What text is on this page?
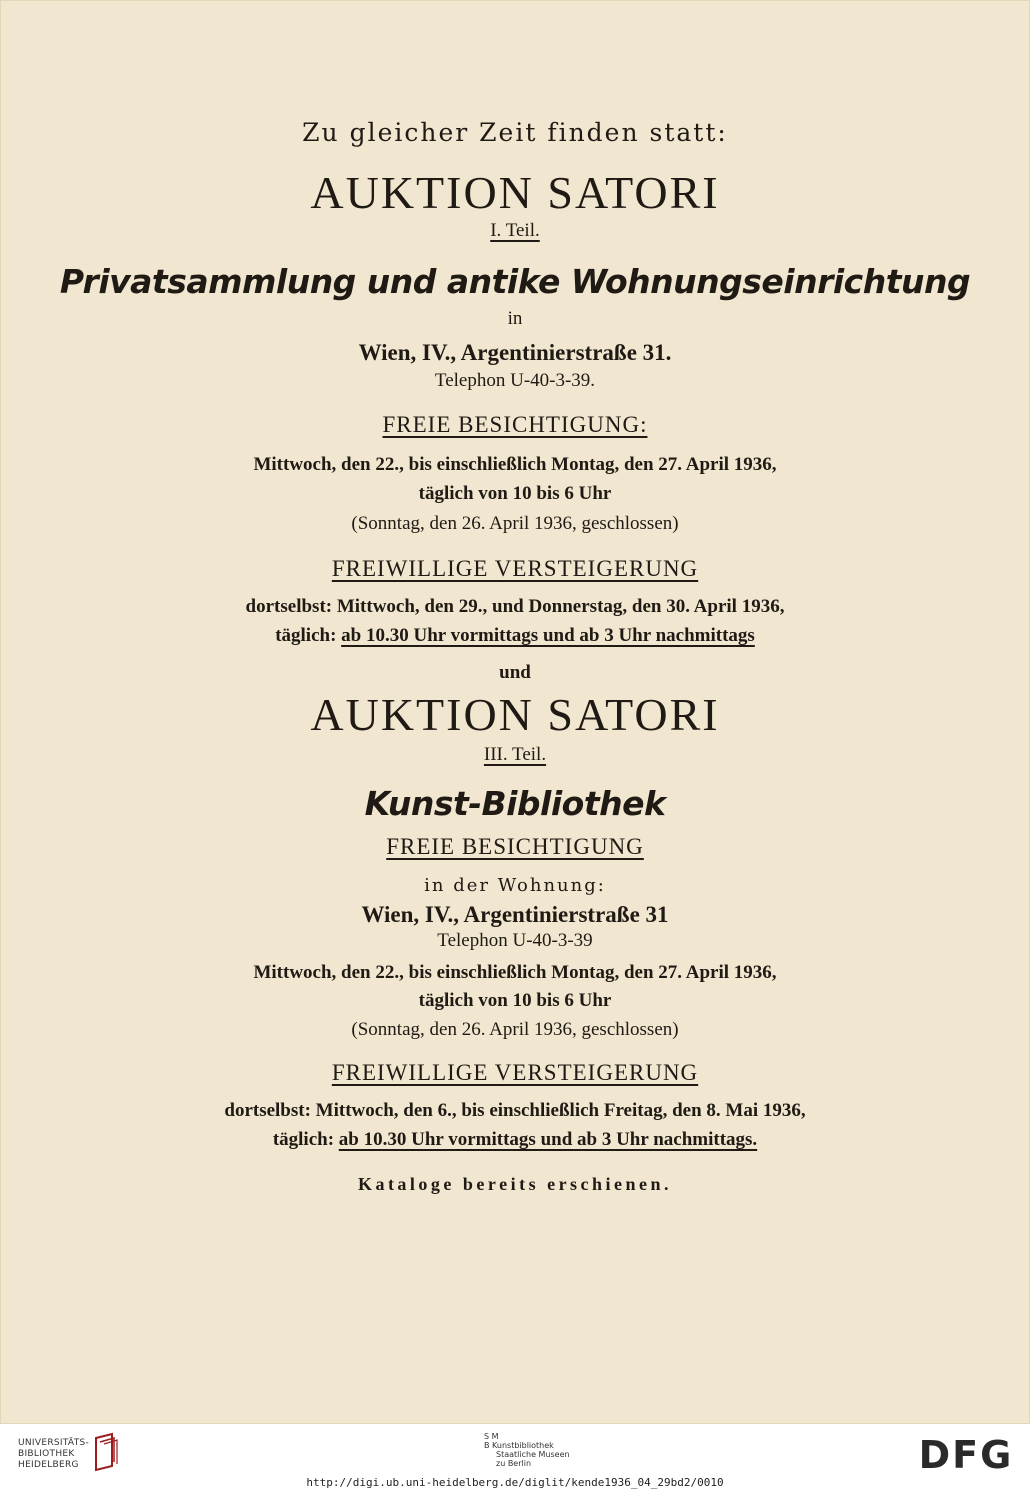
Zu gleicher Zeit finden statt:
AUKTION SATORI
I. Teil.
Privatsammlung und antike Wohnungseinrichtung
in
Wien, IV., Argentinierstraße 31.
Telephon U-40-3-39.
FREIE BESICHTIGUNG:
Mittwoch, den 22., bis einschließlich Montag, den 27. April 1936,
täglich von 10 bis 6 Uhr
(Sonntag, den 26. April 1936, geschlossen)
FREIWILLIGE VERSTEIGERUNG
dortselbst: Mittwoch, den 29., und Donnerstag, den 30. April 1936,
täglich: ab 10.30 Uhr vormittags und ab 3 Uhr nachmittags
und
AUKTION SATORI
III. Teil.
Kunst-Bibliothek
FREIE BESICHTIGUNG
in der Wohnung:
Wien, IV., Argentinierstraße 31
Telephon U-40-3-39
Mittwoch, den 22., bis einschließlich Montag, den 27. April 1936,
täglich von 10 bis 6 Uhr
(Sonntag, den 26. April 1936, geschlossen)
FREIWILLIGE VERSTEIGERUNG
dortselbst: Mittwoch, den 6., bis einschließlich Freitag, den 8. Mai 1936,
täglich: ab 10.30 Uhr vormittags und ab 3 Uhr nachmittags.
Kataloge bereits erschienen.
UNIVERSITÄTS-
BIBLIOTHEK
HEIDELBERG
S M
B Kunstbibliothek
Staatliche Museen
zu Berlin	DFG
http://digi.ub.uni-heidelberg.de/diglit/kende1936_04_29bd2/0010
